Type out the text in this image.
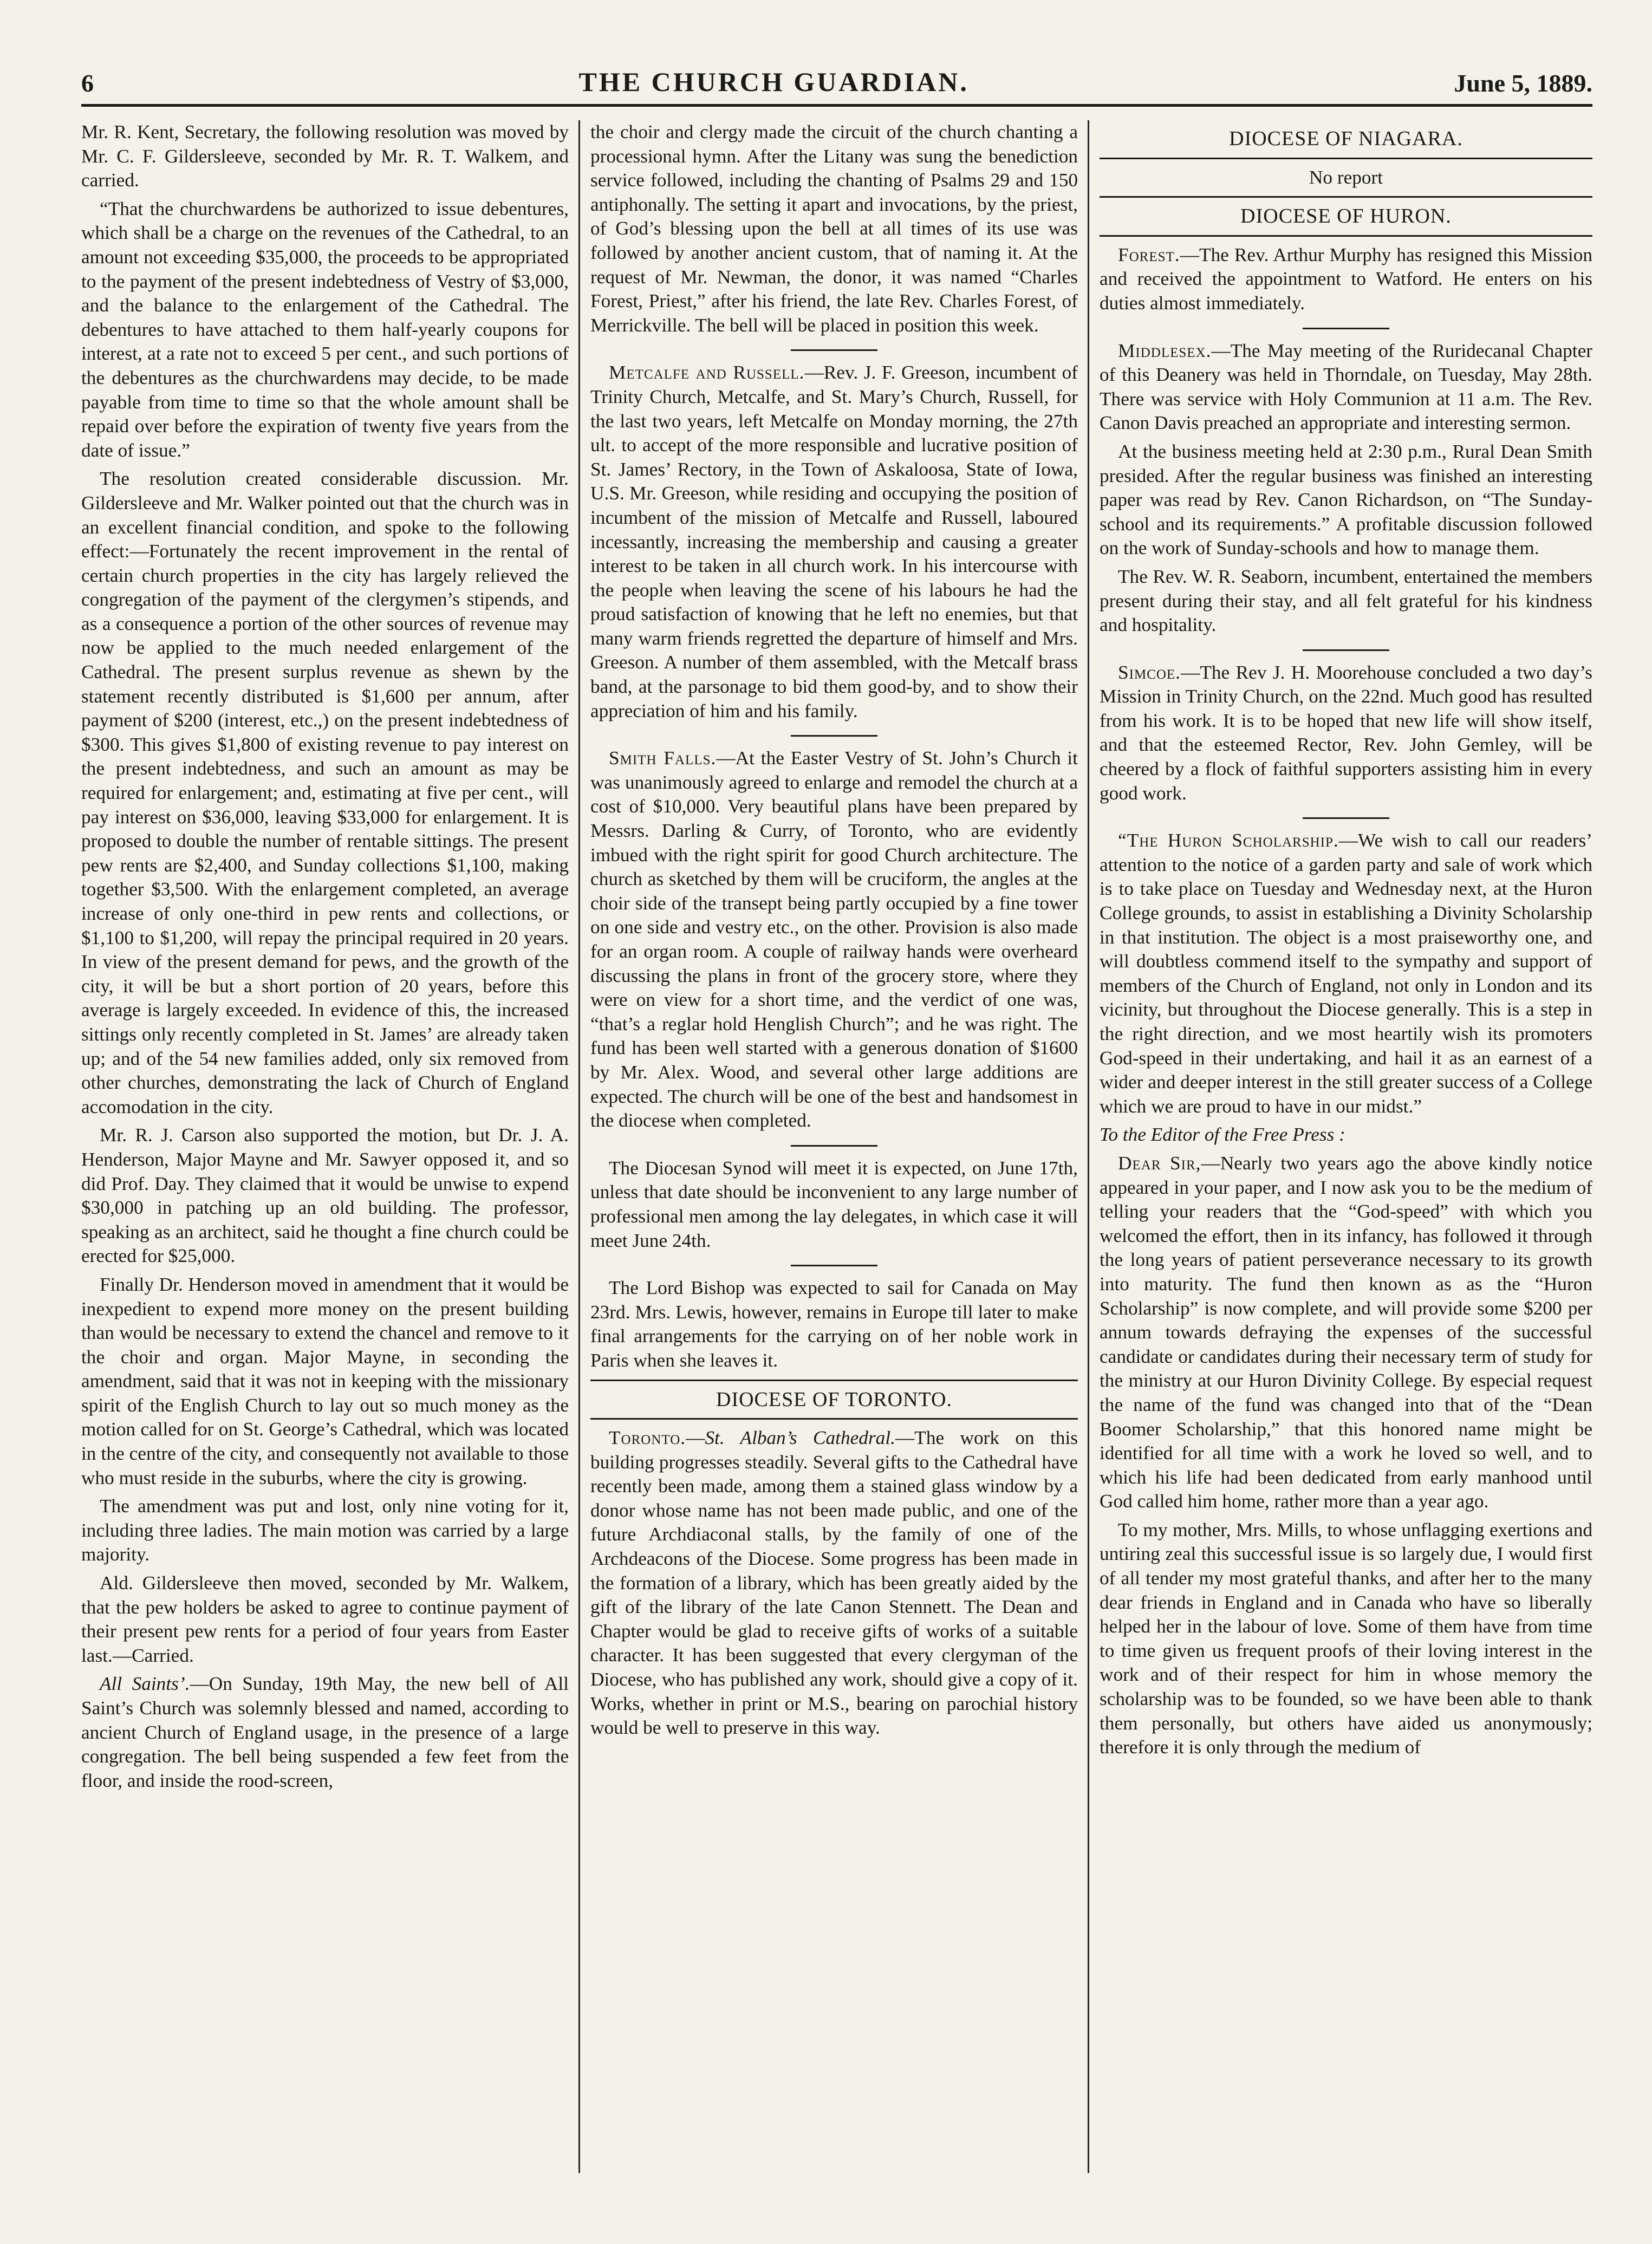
6	THE CHURCH GUARDIAN.	June 5, 1889.

Mr. R. Kent, Secretary, the following resolution was moved by Mr. C. F. Gildersleeve, seconded by Mr. R. T. Walkem, and carried.

“That the churchwardens be authorized to issue debentures, which shall be a charge on the revenues of the Cathedral, to an amount not exceeding $35,000, the proceeds to be appropriated to the payment of the present indebtedness of Vestry of $3,000, and the balance to the enlargement of the Cathedral. The debentures to have attached to them half-yearly coupons for interest, at a rate not to exceed 5 per cent., and such portions of the debentures as the churchwardens may decide, to be made payable from time to time so that the whole amount shall be repaid over before the expiration of twenty five years from the date of issue.”

The resolution created considerable discussion. Mr. Gildersleeve and Mr. Walker pointed out that the church was in an excellent financial condition, and spoke to the following effect:—Fortunately the recent improvement in the rental of certain church properties in the city has largely relieved the congregation of the payment of the clergymen’s stipends, and as a consequence a portion of the other sources of revenue may now be applied to the much needed enlargement of the Cathedral. The present surplus revenue as shewn by the statement recently distributed is $1,600 per annum, after payment of $200 (interest, etc.,) on the present indebtedness of $300. This gives $1,800 of existing revenue to pay interest on the present indebtedness, and such an amount as may be required for enlargement; and, estimating at five per cent., will pay interest on $36,000, leaving $33,000 for enlargement. It is proposed to double the number of rentable sittings. The present pew rents are $2,400, and Sunday collections $1,100, making together $3,500. With the enlargement completed, an average increase of only one-third in pew rents and collections, or $1,100 to $1,200, will repay the principal required in 20 years. In view of the present demand for pews, and the growth of the city, it will be but a short portion of 20 years, before this average is largely exceeded. In evidence of this, the increased sittings only recently completed in St. James’ are already taken up; and of the 54 new families added, only six removed from other churches, demonstrating the lack of Church of England accomodation in the city.

Mr. R. J. Carson also supported the motion, but Dr. J. A. Henderson, Major Mayne and Mr. Sawyer opposed it, and so did Prof. Day. They claimed that it would be unwise to expend $30,000 in patching up an old building. The professor, speaking as an architect, said he thought a fine church could be erected for $25,000.

Finally Dr. Henderson moved in amendment that it would be inexpedient to expend more money on the present building than would be necessary to extend the chancel and remove to it the choir and organ. Major Mayne, in seconding the amendment, said that it was not in keeping with the missionary spirit of the English Church to lay out so much money as the motion called for on St. George’s Cathedral, which was located in the centre of the city, and consequently not available to those who must reside in the suburbs, where the city is growing.

The amendment was put and lost, only nine voting for it, including three ladies. The main motion was carried by a large majority.

Ald. Gildersleeve then moved, seconded by Mr. Walkem, that the pew holders be asked to agree to continue payment of their present pew rents for a period of four years from Easter last.—Carried.

All Saints’.—On Sunday, 19th May, the new bell of All Saint’s Church was solemnly blessed and named, according to ancient Church of England usage, in the presence of a large congregation. The bell being suspended a few feet from the floor, and inside the rood-screen,

the choir and clergy made the circuit of the church chanting a processional hymn. After the Litany was sung the benediction service followed, including the chanting of Psalms 29 and 150 antiphonally. The setting it apart and invocations, by the priest, of God’s blessing upon the bell at all times of its use was followed by another ancient custom, that of naming it. At the request of Mr. Newman, the donor, it was named “Charles Forest, Priest,” after his friend, the late Rev. Charles Forest, of Merrickville. The bell will be placed in position this week.

Metcalfe and Russell.—Rev. J. F. Greeson, incumbent of Trinity Church, Metcalfe, and St. Mary’s Church, Russell, for the last two years, left Metcalfe on Monday morning, the 27th ult. to accept of the more responsible and lucrative position of St. James’ Rectory, in the Town of Askaloosa, State of Iowa, U.S. Mr. Greeson, while residing and occupying the position of incumbent of the mission of Metcalfe and Russell, laboured incessantly, increasing the membership and causing a greater interest to be taken in all church work. In his intercourse with the people when leaving the scene of his labours he had the proud satisfaction of knowing that he left no enemies, but that many warm friends regretted the departure of himself and Mrs. Greeson. A number of them assembled, with the Metcalf brass band, at the parsonage to bid them good-by, and to show their appreciation of him and his family.

Smith Falls.—At the Easter Vestry of St. John’s Church it was unanimously agreed to enlarge and remodel the church at a cost of $10,000. Very beautiful plans have been prepared by Messrs. Darling & Curry, of Toronto, who are evidently imbued with the right spirit for good Church architecture. The church as sketched by them will be cruciform, the angles at the choir side of the transept being partly occupied by a fine tower on one side and vestry etc., on the other. Provision is also made for an organ room. A couple of railway hands were overheard discussing the plans in front of the grocery store, where they were on view for a short time, and the verdict of one was, “that’s a reglar hold Henglish Church”; and he was right. The fund has been well started with a generous donation of $1600 by Mr. Alex. Wood, and several other large additions are expected. The church will be one of the best and handsomest in the diocese when completed.

The Diocesan Synod will meet it is expected, on June 17th, unless that date should be inconvenient to any large number of professional men among the lay delegates, in which case it will meet June 24th.

The Lord Bishop was expected to sail for Canada on May 23rd. Mrs. Lewis, however, remains in Europe till later to make final arrangements for the carrying on of her noble work in Paris when she leaves it.

DIOCESE OF TORONTO.

Toronto.—St. Alban’s Cathedral.—The work on this building progresses steadily. Several gifts to the Cathedral have recently been made, among them a stained glass window by a donor whose name has not been made public, and one of the future Archdiaconal stalls, by the family of one of the Archdeacons of the Diocese. Some progress has been made in the formation of a library, which has been greatly aided by the gift of the library of the late Canon Stennett. The Dean and Chapter would be glad to receive gifts of works of a suitable character. It has been suggested that every clergyman of the Diocese, who has published any work, should give a copy of it. Works, whether in print or M.S., bearing on parochial history would be well to preserve in this way.

DIOCESE OF NIAGARA.
No report
DIOCESE OF HURON.

Forest.—The Rev. Arthur Murphy has resigned this Mission and received the appointment to Watford. He enters on his duties almost immediately.

Middlesex.—The May meeting of the Ruridecanal Chapter of this Deanery was held in Thorndale, on Tuesday, May 28th. There was service with Holy Communion at 11 a.m. The Rev. Canon Davis preached an appropriate and interesting sermon.

At the business meeting held at 2:30 p.m., Rural Dean Smith presided. After the regular business was finished an interesting paper was read by Rev. Canon Richardson, on “The Sunday-school and its requirements.” A profitable discussion followed on the work of Sunday-schools and how to manage them.

The Rev. W. R. Seaborn, incumbent, entertained the members present during their stay, and all felt grateful for his kindness and hospitality.

Simcoe.—The Rev J. H. Moorehouse concluded a two day’s Mission in Trinity Church, on the 22nd. Much good has resulted from his work. It is to be hoped that new life will show itself, and that the esteemed Rector, Rev. John Gemley, will be cheered by a flock of faithful supporters assisting him in every good work.

“The Huron Scholarship.—We wish to call our readers’ attention to the notice of a garden party and sale of work which is to take place on Tuesday and Wednesday next, at the Huron College grounds, to assist in establishing a Divinity Scholarship in that institution. The object is a most praiseworthy one, and will doubtless commend itself to the sympathy and support of members of the Church of England, not only in London and its vicinity, but throughout the Diocese generally. This is a step in the right direction, and we most heartily wish its promoters God-speed in their undertaking, and hail it as an earnest of a wider and deeper interest in the still greater success of a College which we are proud to have in our midst.”

To the Editor of the Free Press :

Dear Sir,—Nearly two years ago the above kindly notice appeared in your paper, and I now ask you to be the medium of telling your readers that the “God-speed” with which you welcomed the effort, then in its infancy, has followed it through the long years of patient perseverance necessary to its growth into maturity. The fund then known as as the “Huron Scholarship” is now complete, and will provide some $200 per annum towards defraying the expenses of the successful candidate or candidates during their necessary term of study for the ministry at our Huron Divinity College. By especial request the name of the fund was changed into that of the “Dean Boomer Scholarship,” that this honored name might be identified for all time with a work he loved so well, and to which his life had been dedicated from early manhood until God called him home, rather more than a year ago.

To my mother, Mrs. Mills, to whose unflagging exertions and untiring zeal this successful issue is so largely due, I would first of all tender my most grateful thanks, and after her to the many dear friends in England and in Canada who have so liberally helped her in the labour of love. Some of them have from time to time given us frequent proofs of their loving interest in the work and of their respect for him in whose memory the scholarship was to be founded, so we have been able to thank them personally, but others have aided us anonymously; therefore it is only through the medium of
